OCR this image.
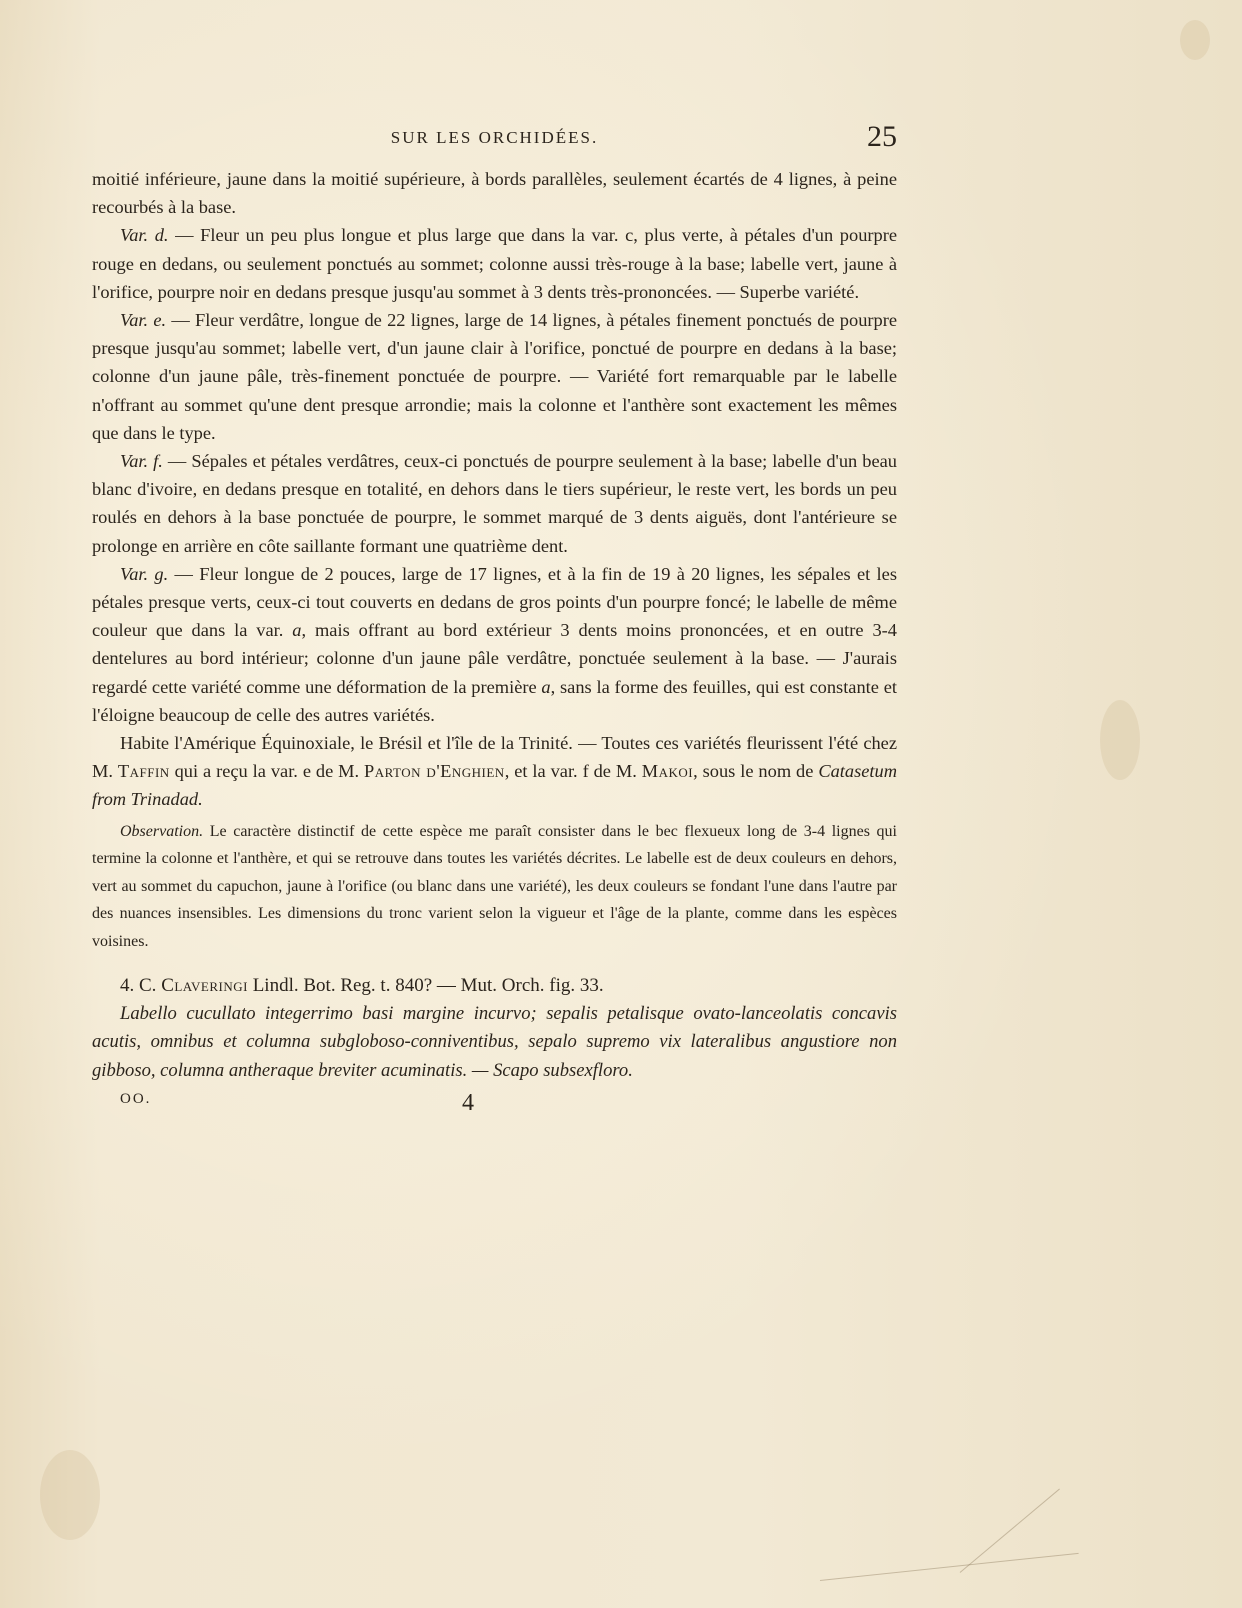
SUR LES ORCHIDÉES.	25

moitié inférieure, jaune dans la moitié supérieure, à bords parallèles, seulement écartés de 4 lignes, à peine recourbés à la base.

Var. d. — Fleur un peu plus longue et plus large que dans la var. c, plus verte, à pétales d'un pourpre rouge en dedans, ou seulement ponctués au sommet; colonne aussi très-rouge à la base; labelle vert, jaune à l'orifice, pourpre noir en dedans presque jusqu'au sommet à 3 dents très-prononcées. — Superbe variété.

Var. e. — Fleur verdâtre, longue de 22 lignes, large de 14 lignes, à pétales finement ponctués de pourpre presque jusqu'au sommet; labelle vert, d'un jaune clair à l'orifice, ponctué de pourpre en dedans à la base; colonne d'un jaune pâle, très-finement ponctuée de pourpre. — Variété fort remarquable par le labelle n'offrant au sommet qu'une dent presque arrondie; mais la colonne et l'anthère sont exactement les mêmes que dans le type.

Var. f. — Sépales et pétales verdâtres, ceux-ci ponctués de pourpre seulement à la base; labelle d'un beau blanc d'ivoire, en dedans presque en totalité, en dehors dans le tiers supérieur, le reste vert, les bords un peu roulés en dehors à la base ponctuée de pourpre, le sommet marqué de 3 dents aiguës, dont l'antérieure se prolonge en arrière en côte saillante formant une quatrième dent.

Var. g. — Fleur longue de 2 pouces, large de 17 lignes, et à la fin de 19 à 20 lignes, les sépales et les pétales presque verts, ceux-ci tout couverts en dedans de gros points d'un pourpre foncé; le labelle de même couleur que dans la var. a, mais offrant au bord extérieur 3 dents moins prononcées, et en outre 3-4 dentelures au bord intérieur; colonne d'un jaune pâle verdâtre, ponctuée seulement à la base. — J'aurais regardé cette variété comme une déformation de la première a, sans la forme des feuilles, qui est constante et l'éloigne beaucoup de celle des autres variétés.

Habite l'Amérique Équinoxiale, le Brésil et l'île de la Trinité. — Toutes ces variétés fleurissent l'été chez M. Taffin qui a reçu la var. e de M. Parton d'Enghien, et la var. f de M. Makoi, sous le nom de Catasetum from Trinadad.

Observation. Le caractère distinctif de cette espèce me paraît consister dans le bec flexueux long de 3-4 lignes qui termine la colonne et l'anthère, et qui se retrouve dans toutes les variétés décrites. Le labelle est de deux couleurs en dehors, vert au sommet du capuchon, jaune à l'orifice (ou blanc dans une variété), les deux couleurs se fondant l'une dans l'autre par des nuances insensibles. Les dimensions du tronc varient selon la vigueur et l'âge de la plante, comme dans les espèces voisines.

4. C. Claveringi Lindl. Bot. Reg. t. 840? — Mut. Orch. fig. 33.

Labello cucullato integerrimo basi margine incurvo; sepalis petalisque ovato-lanceolatis concavis acutis, omnibus et columna subgloboso-conniventibus, sepalo supremo vix lateralibus angustiore non gibboso, columna antheraque breviter acuminatis. — Scapo subsexfloro.

OO.	4
